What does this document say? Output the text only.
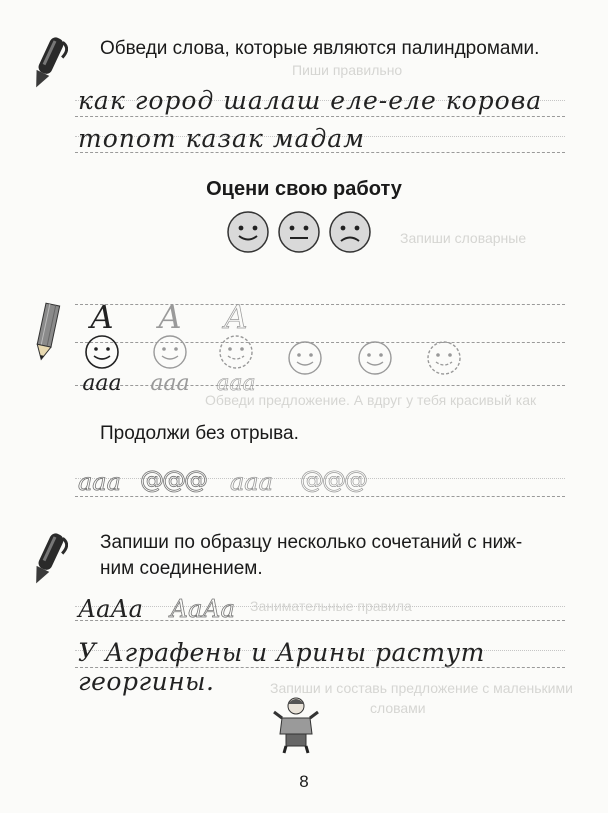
Пиши правильно
Запиши словарные
Обведи предложение. А вдруг у тебя красивый как
Занимательные правила
Запиши и составь предложение с маленькими
словами
Обведи слова, которые являются палиндромами.
как город шалаш еле-еле корова
топот казак мадам
Оцени свою работу
А
ааа
А
ааа
А
ааа
Продолжи без отрыва.
ааа @@@ ааа @@@
Запиши по образцу несколько сочетаний с ниж-
ним соединением.
АаАа АаАа
У Аграфены и Арины растут георгины.
8
